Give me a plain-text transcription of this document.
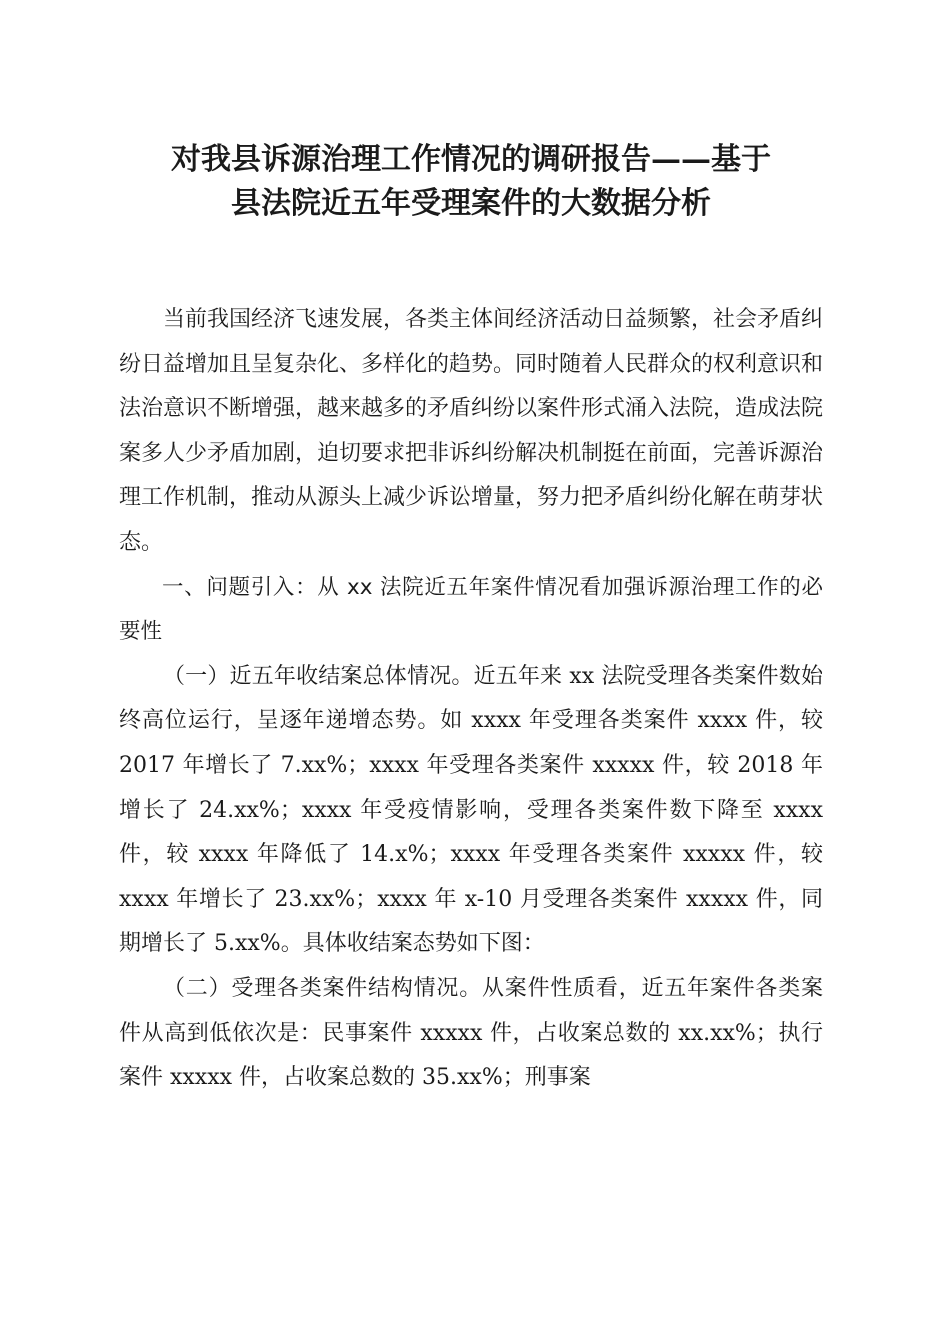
对我县诉源治理工作情况的调研报告——基于
县法院近五年受理案件的大数据分析

当前我国经济飞速发展，各类主体间经济活动日益频繁，社会矛盾纠纷日益增加且呈复杂化、多样化的趋势。同时随着人民群众的权利意识和法治意识不断增强，越来越多的矛盾纠纷以案件形式涌入法院，造成法院案多人少矛盾加剧，迫切要求把非诉纠纷解决机制挺在前面，完善诉源治理工作机制，推动从源头上减少诉讼增量，努力把矛盾纠纷化解在萌芽状态。

一、问题引入：从 xx 法院近五年案件情况看加强诉源治理工作的必要性

（一）近五年收结案总体情况。近五年来 xx 法院受理各类案件数始终高位运行，呈逐年递增态势。如 xxxx 年受理各类案件 xxxx 件，较 2017 年增长了 7.xx%；xxxx 年受理各类案件 xxxxx 件，较 2018 年增长了 24.xx%；xxxx 年受疫情影响，受理各类案件数下降至 xxxx 件，较 xxxx 年降低了 14.x%；xxxx 年受理各类案件 xxxxx 件，较 xxxx 年增长了 23.xx%；xxxx 年 x-10 月受理各类案件 xxxxx 件，同期增长了 5.xx%。具体收结案态势如下图：

（二）受理各类案件结构情况。从案件性质看，近五年案件各类案件从高到低依次是：民事案件 xxxxx 件，占收案总数的 xx.xx%；执行案件 xxxxx 件，占收案总数的 35.xx%；刑事案
